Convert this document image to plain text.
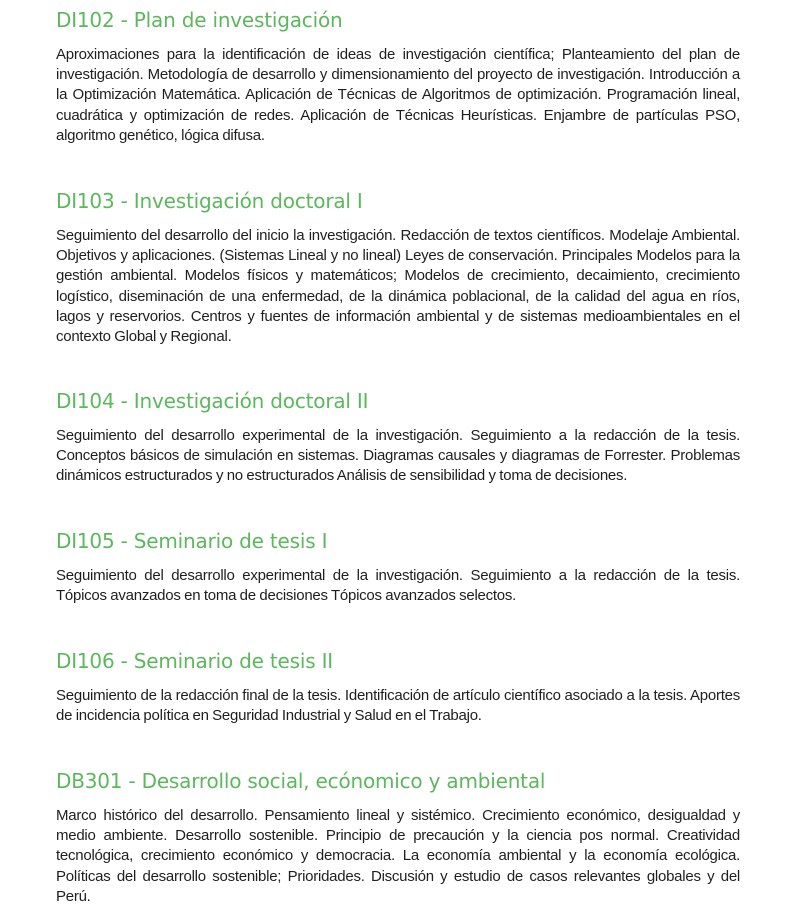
DI102 - Plan de investigación

Aproximaciones para la identificación de ideas de investigación científica; Planteamiento del plan de investigación. Metodología de desarrollo y dimensionamiento del proyecto de investigación. Introducción a la Optimización Matemática. Aplicación de Técnicas de Algoritmos de optimización. Programación lineal, cuadrática y optimización de redes. Aplicación de Técnicas Heurísticas. Enjambre de partículas PSO, algoritmo genético, lógica difusa.

DI103 - Investigación doctoral I

Seguimiento del desarrollo del inicio la investigación. Redacción de textos científicos. Modelaje Ambiental. Objetivos y aplicaciones. (Sistemas Lineal y no lineal) Leyes de conservación. Principales Modelos para la gestión ambiental. Modelos físicos y matemáticos; Modelos de crecimiento, decaimiento, crecimiento logístico, diseminación de una enfermedad, de la dinámica poblacional, de la calidad del agua en ríos, lagos y reservorios. Centros y fuentes de información ambiental y de sistemas medioambientales en el contexto Global y Regional.

DI104 - Investigación doctoral II

Seguimiento del desarrollo experimental de la investigación. Seguimiento a la redacción de la tesis. Conceptos básicos de simulación en sistemas. Diagramas causales y diagramas de Forrester. Problemas dinámicos estructurados y no estructurados Análisis de sensibilidad y toma de decisiones.

DI105 - Seminario de tesis I

Seguimiento del desarrollo experimental de la investigación. Seguimiento a la redacción de la tesis. Tópicos avanzados en toma de decisiones Tópicos avanzados selectos.

DI106 - Seminario de tesis II

Seguimiento de la redacción final de la tesis. Identificación de artículo científico asociado a la tesis. Aportes de incidencia política en Seguridad Industrial y Salud en el Trabajo.

DB301 - Desarrollo social, ecónomico y ambiental

Marco histórico del desarrollo. Pensamiento lineal y sistémico. Crecimiento económico, desigualdad y medio ambiente. Desarrollo sostenible. Principio de precaución y la ciencia pos normal. Creatividad tecnológica, crecimiento económico y democracia. La economía ambiental y la economía ecológica. Políticas del desarrollo sostenible; Prioridades. Discusión y estudio de casos relevantes globales y del Perú.
